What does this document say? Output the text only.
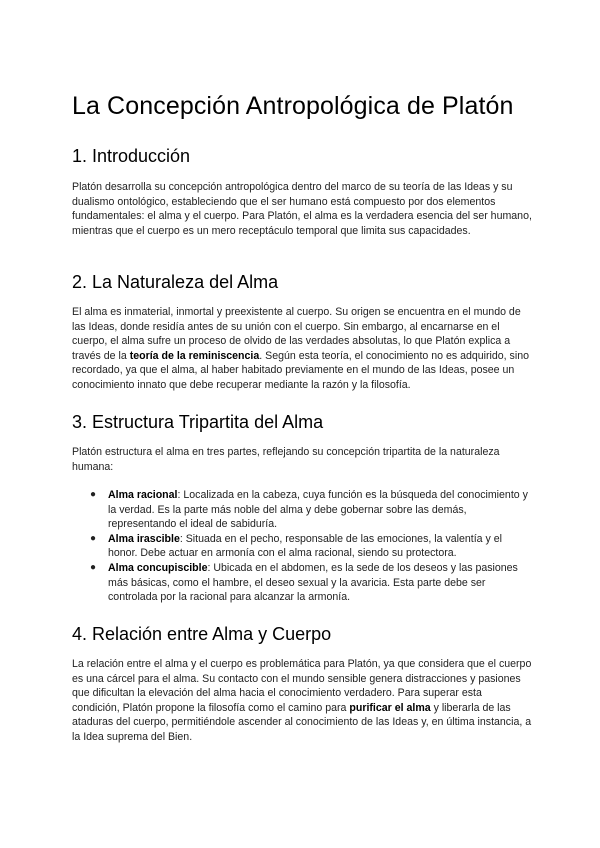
La Concepción Antropológica de Platón
1. Introducción

Platón desarrolla su concepción antropológica dentro del marco de su teoría de las Ideas y su dualismo ontológico, estableciendo que el ser humano está compuesto por dos elementos fundamentales: el alma y el cuerpo. Para Platón, el alma es la verdadera esencia del ser humano, mientras que el cuerpo es un mero receptáculo temporal que limita sus capacidades.

2. La Naturaleza del Alma

El alma es inmaterial, inmortal y preexistente al cuerpo. Su origen se encuentra en el mundo de las Ideas, donde residía antes de su unión con el cuerpo. Sin embargo, al encarnarse en el cuerpo, el alma sufre un proceso de olvido de las verdades absolutas, lo que Platón explica a través de la teoría de la reminiscencia. Según esta teoría, el conocimiento no es adquirido, sino recordado, ya que el alma, al haber habitado previamente en el mundo de las Ideas, posee un conocimiento innato que debe recuperar mediante la razón y la filosofía.

3. Estructura Tripartita del Alma

Platón estructura el alma en tres partes, reflejando su concepción tripartita de la naturaleza humana:

● Alma racional: Localizada en la cabeza, cuya función es la búsqueda del conocimiento y la verdad. Es la parte más noble del alma y debe gobernar sobre las demás, representando el ideal de sabiduría.
● Alma irascible: Situada en el pecho, responsable de las emociones, la valentía y el honor. Debe actuar en armonía con el alma racional, siendo su protectora.
● Alma concupiscible: Ubicada en el abdomen, es la sede de los deseos y las pasiones más básicas, como el hambre, el deseo sexual y la avaricia. Esta parte debe ser controlada por la racional para alcanzar la armonía.
4. Relación entre Alma y Cuerpo

La relación entre el alma y el cuerpo es problemática para Platón, ya que considera que el cuerpo es una cárcel para el alma. Su contacto con el mundo sensible genera distracciones y pasiones que dificultan la elevación del alma hacia el conocimiento verdadero. Para superar esta condición, Platón propone la filosofía como el camino para purificar el alma y liberarla de las ataduras del cuerpo, permitiéndole ascender al conocimiento de las Ideas y, en última instancia, a la Idea suprema del Bien.
